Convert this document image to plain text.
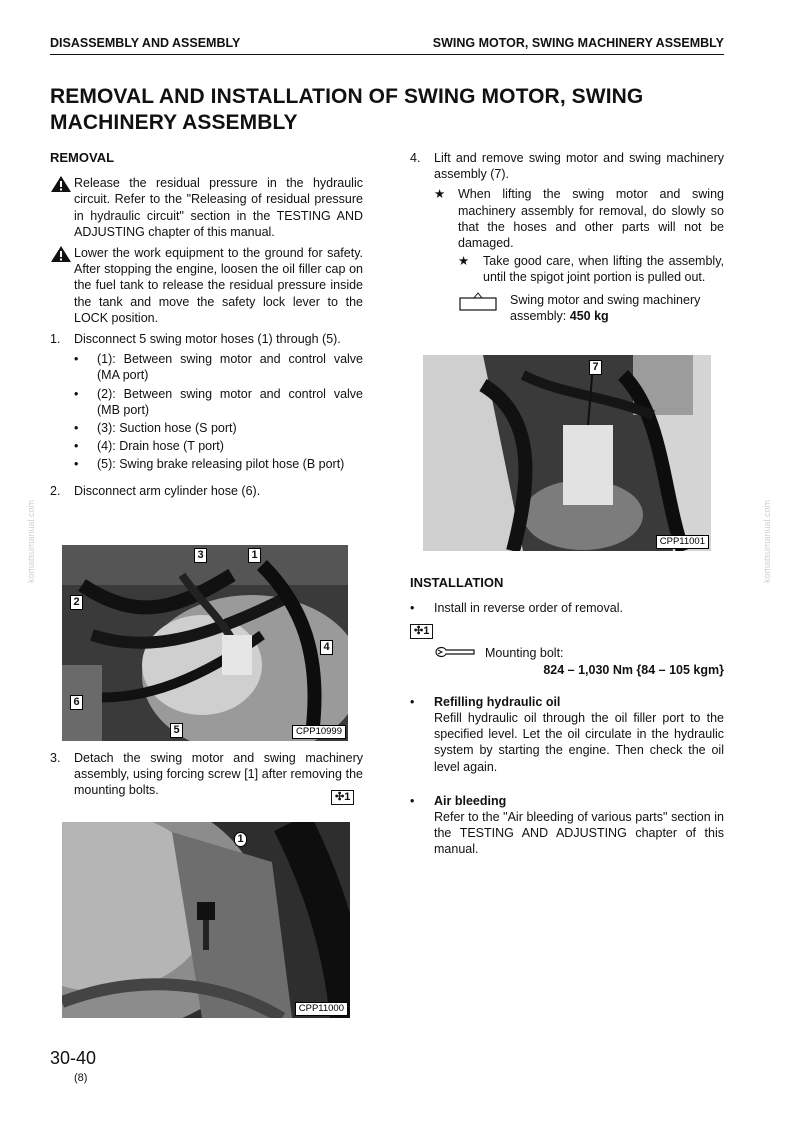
DISASSEMBLY AND ASSEMBLY	SWING MOTOR, SWING MACHINERY ASSEMBLY
REMOVAL AND INSTALLATION OF SWING MOTOR, SWING
MACHINERY ASSEMBLY
komatsumanual.com	komatsumanual.com
REMOVAL
Release the residual pressure in the hydraulic circuit. Refer to the "Releasing of residual pressure in hydraulic circuit" section in the TESTING AND ADJUSTING chapter of this manual.
Lower the work equipment to the ground for safety. After stopping the engine, loosen the oil filler cap on the fuel tank to release the residual pressure inside the tank and move the safety lock lever to the LOCK position.
1. Disconnect 5 swing motor hoses (1) through (5).
• (1): Between swing motor and control valve (MA port)
• (2): Between swing motor and control valve (MB port)
• (3): Suction hose (S port)
• (4): Drain hose (T port)
• (5): Swing brake releasing pilot hose (B port)
2. Disconnect arm cylinder hose (6).
3	1
2
4
6
5	CPP10999
3. Detach the swing motor and swing machinery assembly, using forcing screw [1] after removing the mounting bolts.	✣1
1
CPP11000
4. Lift and remove swing motor and swing machinery assembly (7).
★ When lifting the swing motor and swing machinery assembly for removal, do slowly so that the hoses and other parts will not be damaged.
★ Take good care, when lifting the assembly, until the spigot joint portion is pulled out.
Swing motor and swing machinery assembly: 450 kg
7
CPP11001
INSTALLATION
• Install in reverse order of removal.
✣1
Mounting bolt:
824 – 1,030 Nm {84 – 105 kgm}
• Refilling hydraulic oil
Refill hydraulic oil through the oil filler port to the specified level. Let the oil circulate in the hydraulic system by starting the engine. Then check the oil level again.
• Air bleeding
Refer to the "Air bleeding of various parts" section in the TESTING AND ADJUSTING chapter of this manual.
30-40
(8)
